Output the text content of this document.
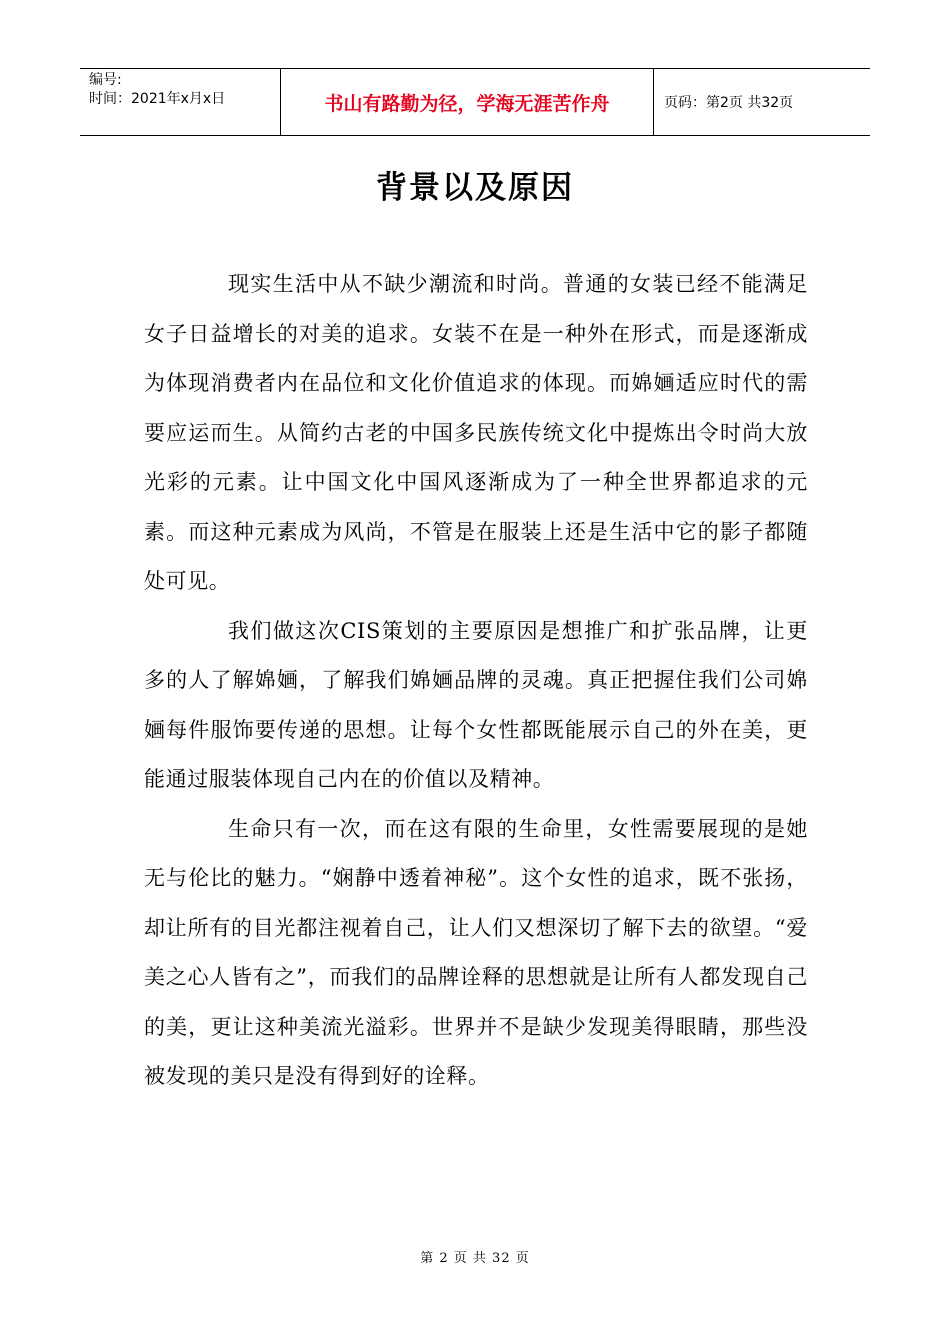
编号:
时间：2021年x月x日	书山有路勤为径，学海无涯苦作舟	页码：第2页 共32页
背景以及原因

现实生活中从不缺少潮流和时尚。普通的女装已经不能满足女子日益增长的对美的追求。女装不在是一种外在形式，而是逐渐成为体现消费者内在品位和文化价值追求的体现。而婂婳适应时代的需要应运而生。从简约古老的中国多民族传统文化中提炼出令时尚大放光彩的元素。让中国文化中国风逐渐成为了一种全世界都追求的元素。而这种元素成为风尚，不管是在服装上还是生活中它的影子都随处可见。

我们做这次CIS策划的主要原因是想推广和扩张品牌，让更多的人了解婂婳，了解我们婂婳品牌的灵魂。真正把握住我们公司婂婳每件服饰要传递的思想。让每个女性都既能展示自己的外在美，更能通过服装体现自己内在的价值以及精神。

生命只有一次，而在这有限的生命里，女性需要展现的是她无与伦比的魅力。“娴静中透着神秘”。这个女性的追求，既不张扬，却让所有的目光都注视着自己，让人们又想深切了解下去的欲望。“爱美之心人皆有之”，而我们的品牌诠释的思想就是让所有人都发现自己的美，更让这种美流光溢彩。世界并不是缺少发现美得眼睛，那些没被发现的美只是没有得到好的诠释。

第 2 页 共 32 页
